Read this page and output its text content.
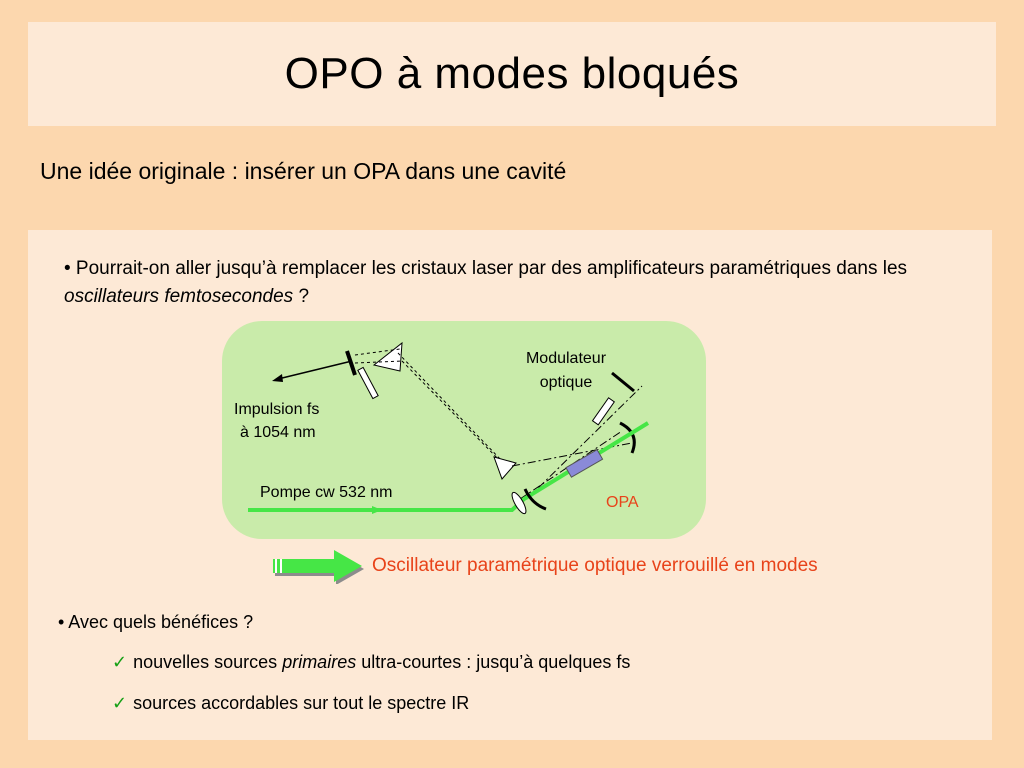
OPO à modes bloqués
Une idée originale : insérer un OPA dans une cavité
• Pourrait-on aller jusqu’à remplacer les cristaux laser par des amplificateurs paramétriques dans les oscillateurs femtosecondes ?
Modulateur
optique
Impulsion fs
à 1054 nm
Pompe cw 532 nm
OPA
Oscillateur paramétrique optique verrouillé en modes
• Avec quels bénéfices ?
✓ nouvelles sources primaires ultra-courtes : jusqu’à quelques fs
✓ sources accordables sur tout le spectre IR
